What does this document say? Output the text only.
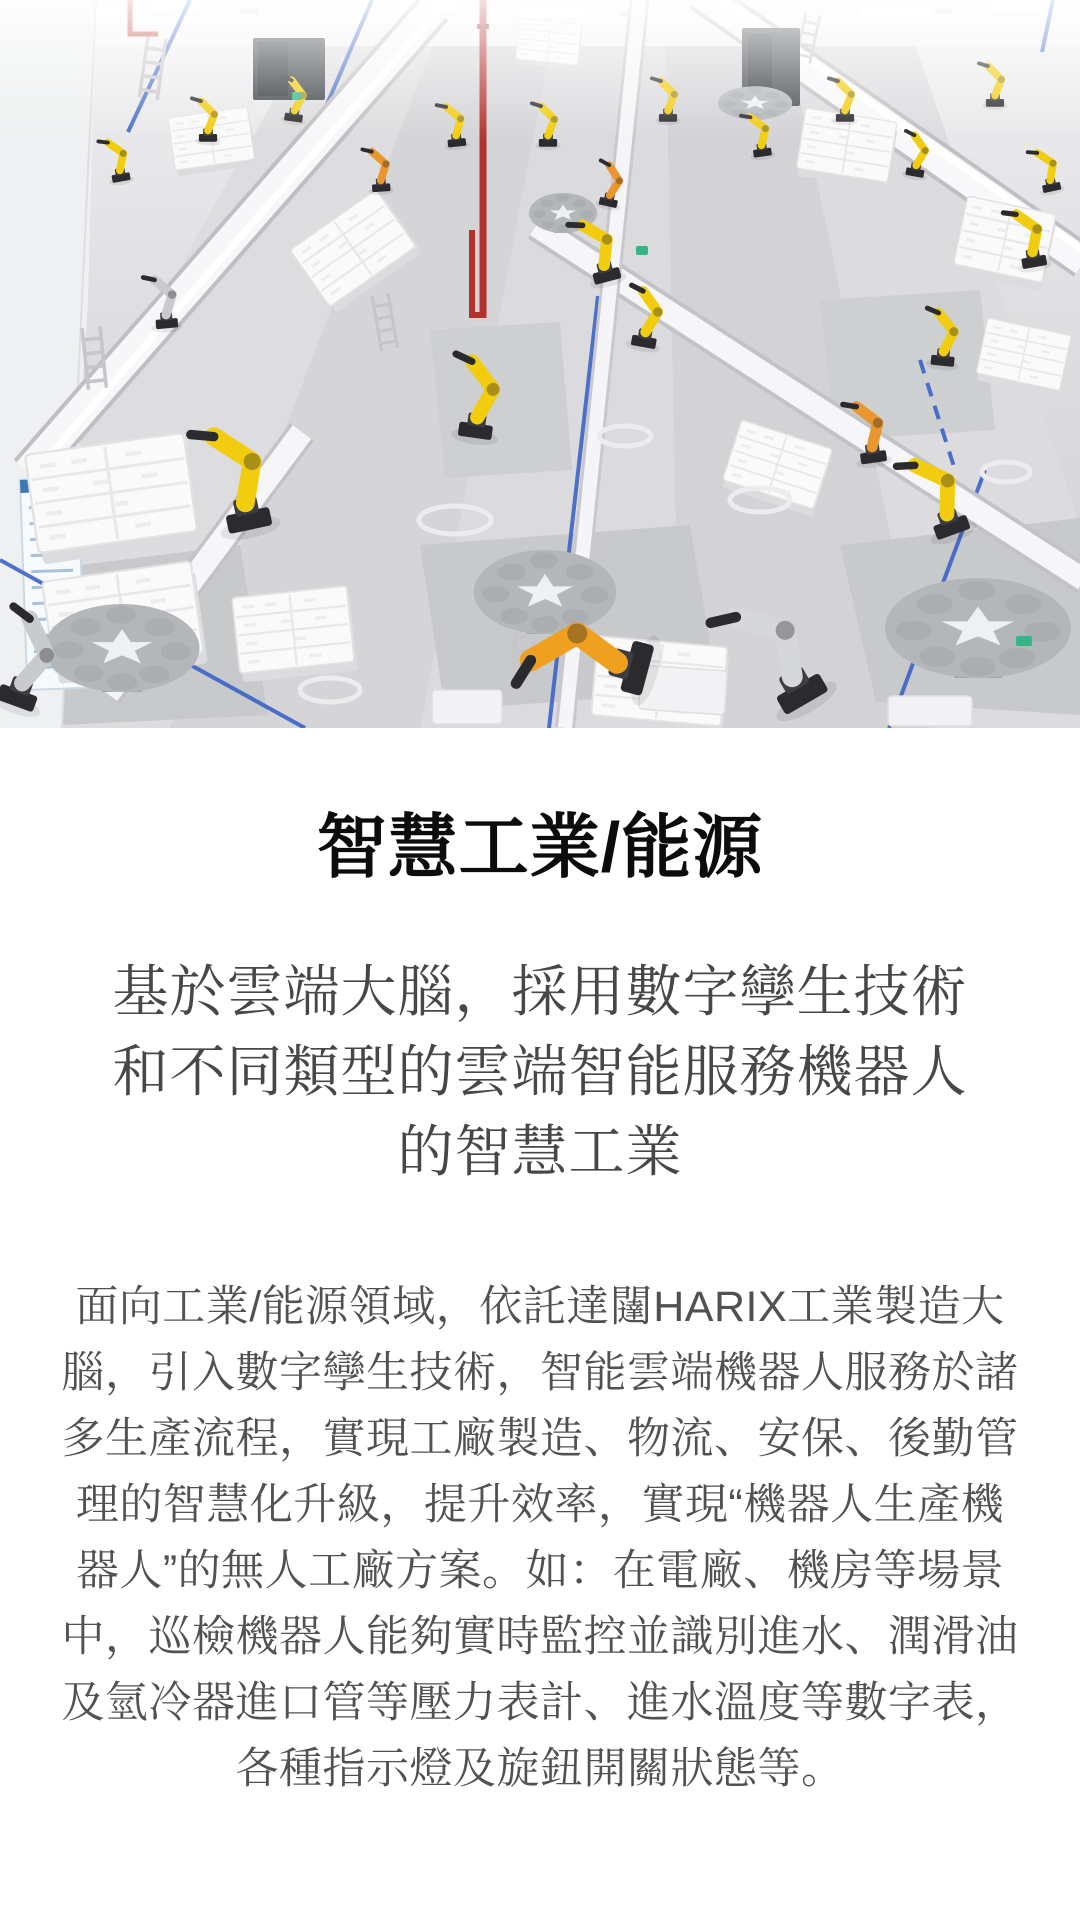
智慧工業/能源
基於雲端大腦，採用數字孿生技術
和不同類型的雲端智能服務機器人
的智慧工業

面向工業/能源領域，依託達闥HARIX工業製造大腦，引入數字孿生技術，智能雲端機器人服務於諸多生產流程，實現工廠製造、物流、安保、後勤管理的智慧化升級，提升效率，實現“機器人生產機器人”的無人工廠方案。如：在電廠、機房等場景中，巡檢機器人能夠實時監控並識別進水、潤滑油及氫冷器進口管等壓力表計、進水溫度等數字表，各種指示燈及旋鈕開關狀態等。
